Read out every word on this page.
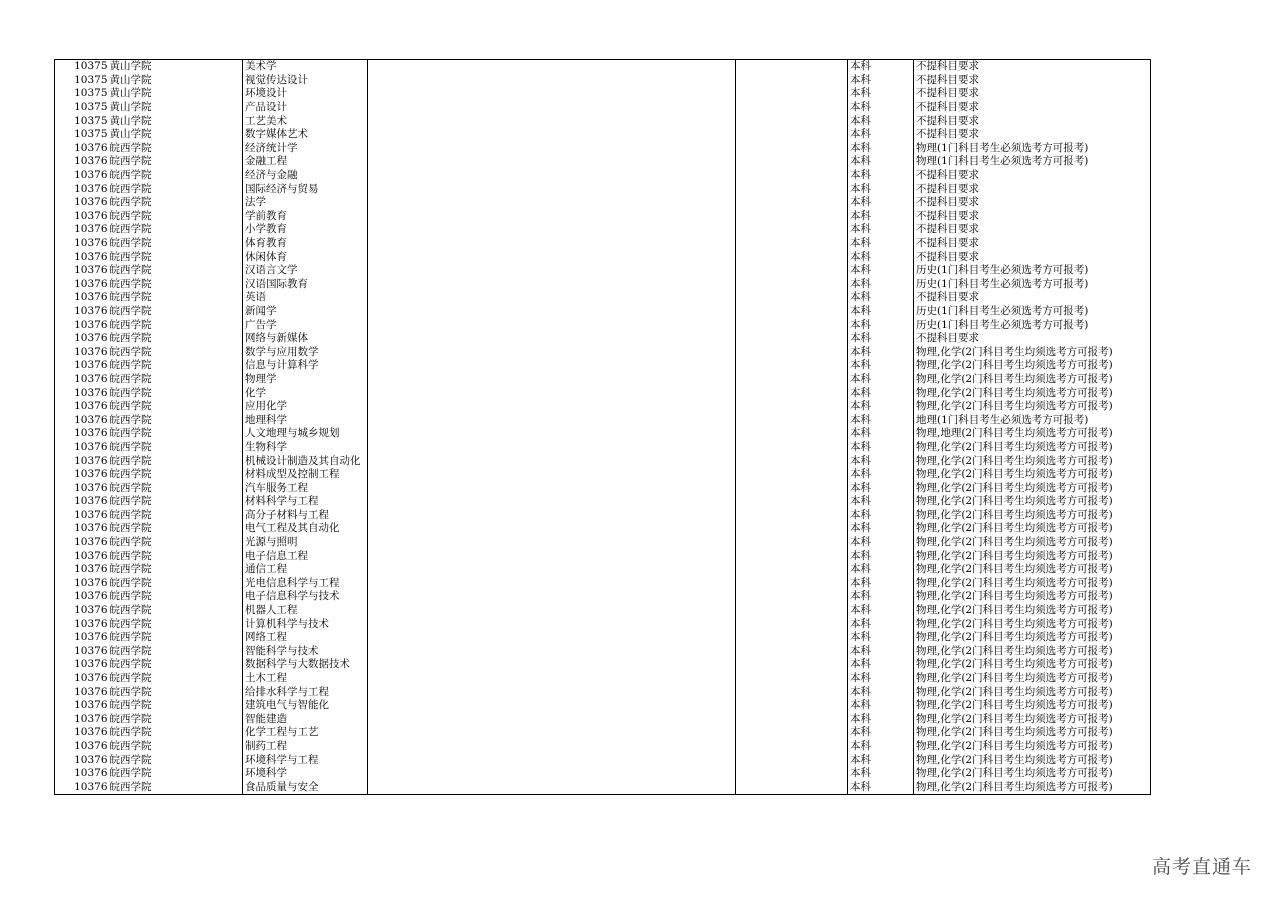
10375	黄山学院	美术学			本科	不提科目要求
10375	黄山学院	视觉传达设计			本科	不提科目要求
10375	黄山学院	环境设计			本科	不提科目要求
10375	黄山学院	产品设计			本科	不提科目要求
10375	黄山学院	工艺美术			本科	不提科目要求
10375	黄山学院	数字媒体艺术			本科	不提科目要求
10376	皖西学院	经济统计学			本科	物理(1门科目考生必须选考方可报考)
10376	皖西学院	金融工程			本科	物理(1门科目考生必须选考方可报考)
10376	皖西学院	经济与金融			本科	不提科目要求
10376	皖西学院	国际经济与贸易			本科	不提科目要求
10376	皖西学院	法学			本科	不提科目要求
10376	皖西学院	学前教育			本科	不提科目要求
10376	皖西学院	小学教育			本科	不提科目要求
10376	皖西学院	体育教育			本科	不提科目要求
10376	皖西学院	休闲体育			本科	不提科目要求
10376	皖西学院	汉语言文学			本科	历史(1门科目考生必须选考方可报考)
10376	皖西学院	汉语国际教育			本科	历史(1门科目考生必须选考方可报考)
10376	皖西学院	英语			本科	不提科目要求
10376	皖西学院	新闻学			本科	历史(1门科目考生必须选考方可报考)
10376	皖西学院	广告学			本科	历史(1门科目考生必须选考方可报考)
10376	皖西学院	网络与新媒体			本科	不提科目要求
10376	皖西学院	数学与应用数学			本科	物理,化学(2门科目考生均须选考方可报考)
10376	皖西学院	信息与计算科学			本科	物理,化学(2门科目考生均须选考方可报考)
10376	皖西学院	物理学			本科	物理,化学(2门科目考生均须选考方可报考)
10376	皖西学院	化学			本科	物理,化学(2门科目考生均须选考方可报考)
10376	皖西学院	应用化学			本科	物理,化学(2门科目考生均须选考方可报考)
10376	皖西学院	地理科学			本科	地理(1门科目考生必须选考方可报考)
10376	皖西学院	人文地理与城乡规划			本科	物理,地理(2门科目考生均须选考方可报考)
10376	皖西学院	生物科学			本科	物理,化学(2门科目考生均须选考方可报考)
10376	皖西学院	机械设计制造及其自动化			本科	物理,化学(2门科目考生均须选考方可报考)
10376	皖西学院	材料成型及控制工程			本科	物理,化学(2门科目考生均须选考方可报考)
10376	皖西学院	汽车服务工程			本科	物理,化学(2门科目考生均须选考方可报考)
10376	皖西学院	材料科学与工程			本科	物理,化学(2门科目考生均须选考方可报考)
10376	皖西学院	高分子材料与工程			本科	物理,化学(2门科目考生均须选考方可报考)
10376	皖西学院	电气工程及其自动化			本科	物理,化学(2门科目考生均须选考方可报考)
10376	皖西学院	光源与照明			本科	物理,化学(2门科目考生均须选考方可报考)
10376	皖西学院	电子信息工程			本科	物理,化学(2门科目考生均须选考方可报考)
10376	皖西学院	通信工程			本科	物理,化学(2门科目考生均须选考方可报考)
10376	皖西学院	光电信息科学与工程			本科	物理,化学(2门科目考生均须选考方可报考)
10376	皖西学院	电子信息科学与技术			本科	物理,化学(2门科目考生均须选考方可报考)
10376	皖西学院	机器人工程			本科	物理,化学(2门科目考生均须选考方可报考)
10376	皖西学院	计算机科学与技术			本科	物理,化学(2门科目考生均须选考方可报考)
10376	皖西学院	网络工程			本科	物理,化学(2门科目考生均须选考方可报考)
10376	皖西学院	智能科学与技术			本科	物理,化学(2门科目考生均须选考方可报考)
10376	皖西学院	数据科学与大数据技术			本科	物理,化学(2门科目考生均须选考方可报考)
10376	皖西学院	土木工程			本科	物理,化学(2门科目考生均须选考方可报考)
10376	皖西学院	给排水科学与工程			本科	物理,化学(2门科目考生均须选考方可报考)
10376	皖西学院	建筑电气与智能化			本科	物理,化学(2门科目考生均须选考方可报考)
10376	皖西学院	智能建造			本科	物理,化学(2门科目考生均须选考方可报考)
10376	皖西学院	化学工程与工艺			本科	物理,化学(2门科目考生均须选考方可报考)
10376	皖西学院	制药工程			本科	物理,化学(2门科目考生均须选考方可报考)
10376	皖西学院	环境科学与工程			本科	物理,化学(2门科目考生均须选考方可报考)
10376	皖西学院	环境科学			本科	物理,化学(2门科目考生均须选考方可报考)
10376	皖西学院	食品质量与安全			本科	物理,化学(2门科目考生均须选考方可报考)
高考直通车
